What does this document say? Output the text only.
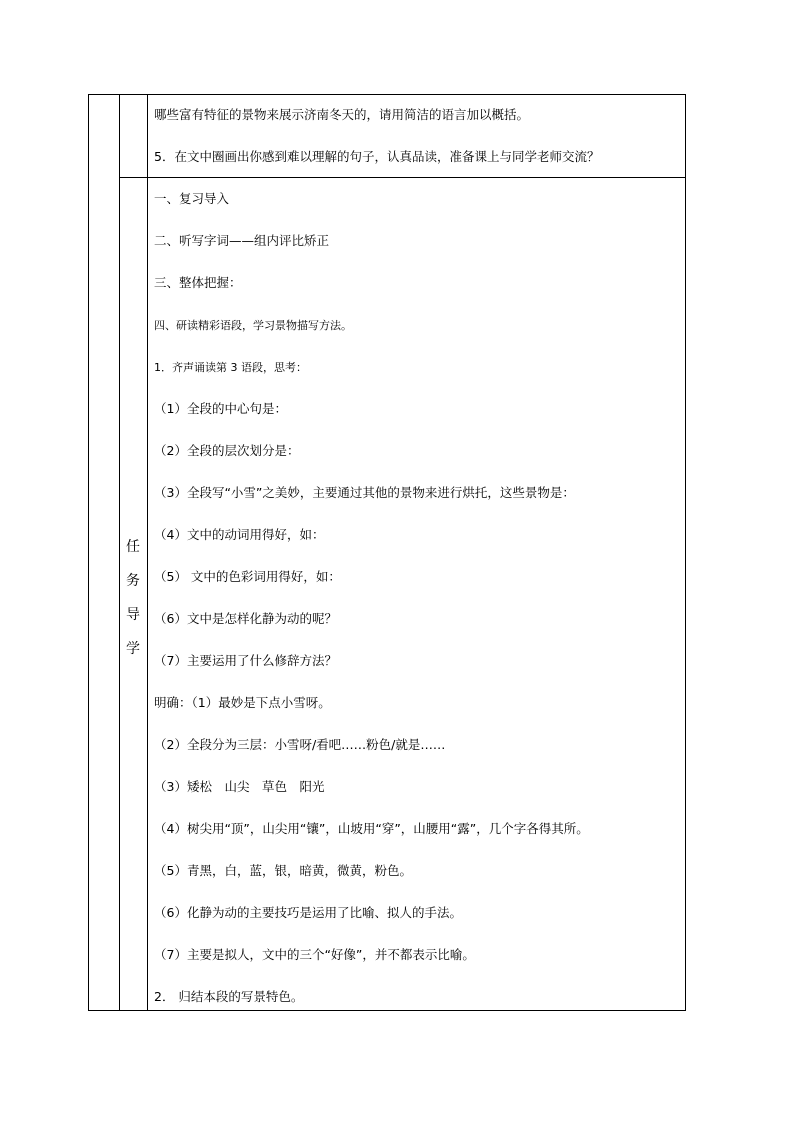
任
务
导
学
哪些富有特征的景物来展示济南冬天的，请用简洁的语言加以概括。
5．在文中圈画出你感到难以理解的句子，认真品读，准备课上与同学老师交流？
一、复习导入
二、听写字词——组内评比矫正
三、整体把握：
四、研读精彩语段，学习景物描写方法。
1．齐声诵读第 3 语段，思考：
（1）全段的中心句是：
（2）全段的层次划分是：
（3）全段写“小雪”之美妙，主要通过其他的景物来进行烘托，这些景物是：
（4）文中的动词用得好，如：
（5） 文中的色彩词用得好，如：
（6）文中是怎样化静为动的呢？
（7）主要运用了什么修辞方法？
明确：（1）最妙是下点小雪呀。
（2）全段分为三层：小雪呀/看吧……粉色/就是……
（3）矮松　山尖　草色　阳光
（4）树尖用“顶”，山尖用“镶”，山坡用“穿”，山腰用“露”，几个字各得其所。
（5）青黑，白，蓝，银，暗黄，微黄，粉色。
（6）化静为动的主要技巧是运用了比喻、拟人的手法。
（7）主要是拟人，文中的三个“好像”，并不都表示比喻。
2． 归结本段的写景特色。
